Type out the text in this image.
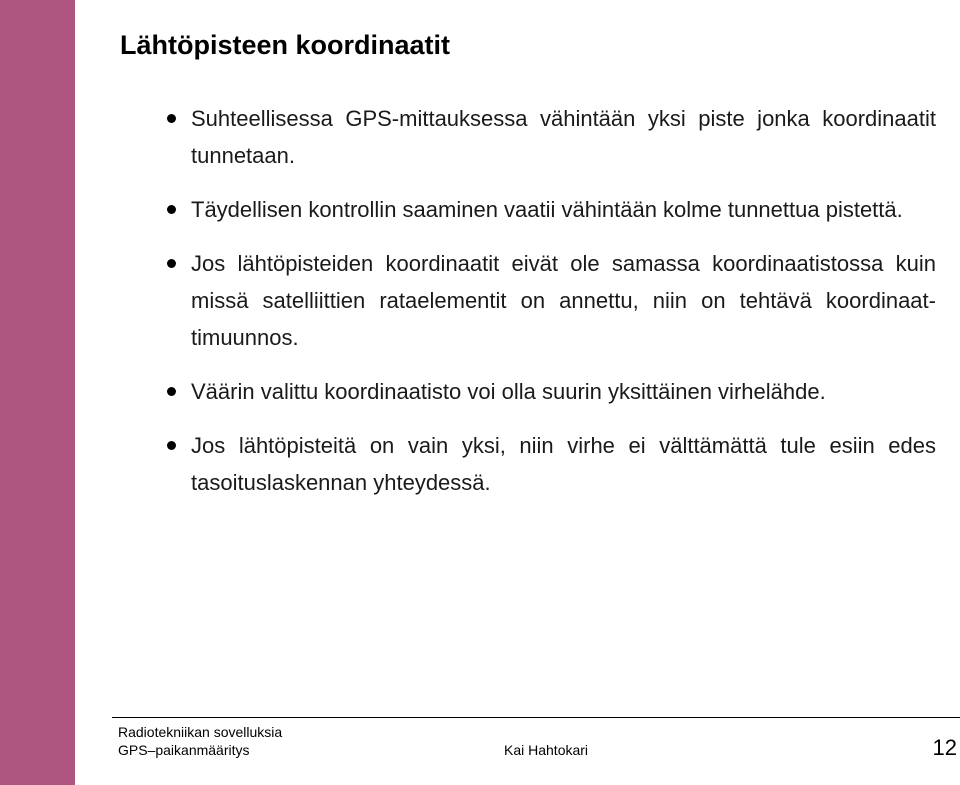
Lähtöpisteen koordinaatit
Suhteellisessa GPS-mittauksessa vähintään yksi piste jonka koordinaatit tunnetaan.
Täydellisen kontrollin saaminen vaatii vähintään kolme tunnettua pistettä.
Jos lähtöpisteiden koordinaatit eivät ole samassa koordinaatistossa kuin missä satelliittien rataelementit on annettu, niin on tehtävä koordinaattimuunnos.
Väärin valittu koordinaatisto voi olla suurin yksittäinen virhelähde.
Jos lähtöpisteitä on vain yksi, niin virhe ei välttämättä tule esiin edes tasoituslaskennan yhteydessä.
Radiotekniikan sovelluksia
GPS–paikanmääritys	Kai Hahtokari	12
